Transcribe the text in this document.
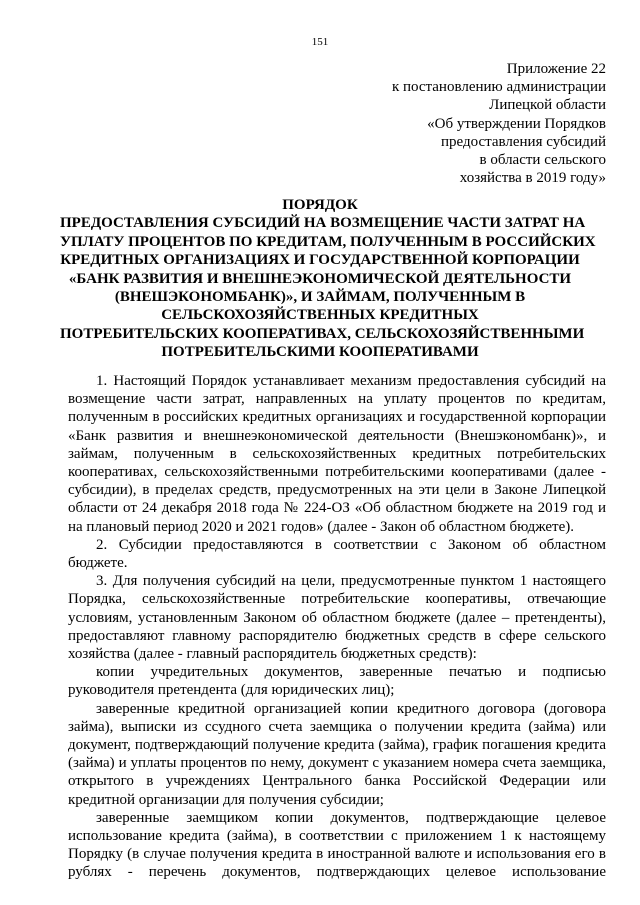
151
Приложение 22
к постановлению администрации
Липецкой области
«Об утверждении Порядков
предоставления субсидий
в области сельского
хозяйства в 2019 году»
ПОРЯДОК
ПРЕДОСТАВЛЕНИЯ СУБСИДИЙ НА ВОЗМЕЩЕНИЕ ЧАСТИ ЗАТРАТ НА
УПЛАТУ ПРОЦЕНТОВ ПО КРЕДИТАМ, ПОЛУЧЕННЫМ В РОССИЙСКИХ
КРЕДИТНЫХ ОРГАНИЗАЦИЯХ И ГОСУДАРСТВЕННОЙ КОРПОРАЦИИ
«БАНК РАЗВИТИЯ И ВНЕШНЕЭКОНОМИЧЕСКОЙ ДЕЯТЕЛЬНОСТИ
(ВНЕШЭКОНОМБАНК)», И ЗАЙМАМ, ПОЛУЧЕННЫМ В
СЕЛЬСКОХОЗЯЙСТВЕННЫХ КРЕДИТНЫХ
ПОТРЕБИТЕЛЬСКИХ КООПЕРАТИВАХ, СЕЛЬСКОХОЗЯЙСТВЕННЫМИ
ПОТРЕБИТЕЛЬСКИМИ КООПЕРАТИВАМИ

1. Настоящий Порядок устанавливает механизм предоставления субсидий на
возмещение части затрат, направленных на уплату процентов по кредитам,
полученным в российских кредитных организациях и государственной корпорации
«Банк развития и внешнеэкономической деятельности (Внешэкономбанк)», и
займам, полученным в сельскохозяйственных кредитных потребительских
кооперативах, сельскохозяйственными потребительскими кооперативами (далее -
субсидии), в пределах средств, предусмотренных на эти цели в Законе Липецкой
области от 24 декабря 2018 года № 224-ОЗ «Об областном бюджете на 2019 год и
на плановый период 2020 и 2021 годов» (далее - Закон об областном бюджете).

2. Субсидии предоставляются в соответствии с Законом об областном
бюджете.

3. Для получения субсидий на цели, предусмотренные пунктом 1 настоящего
Порядка, сельскохозяйственные потребительские кооперативы, отвечающие
условиям, установленным Законом об областном бюджете (далее – претенденты),
предоставляют главному распорядителю бюджетных средств в сфере сельского
хозяйства (далее - главный распорядитель бюджетных средств):

копии учредительных документов, заверенные печатью и подписью
руководителя претендента (для юридических лиц);

заверенные кредитной организацией копии кредитного договора (договора
займа), выписки из ссудного счета заемщика о получении кредита (займа) или
документ, подтверждающий получение кредита (займа), график погашения кредита
(займа) и уплаты процентов по нему, документ с указанием номера счета заемщика,
открытого в учреждениях Центрального банка Российской Федерации или
кредитной организации для получения субсидии;

заверенные заемщиком копии документов, подтверждающие целевое
использование кредита (займа), в соответствии с приложением 1 к настоящему
Порядку (в случае получения кредита в иностранной валюте и использования его в
рублях - перечень документов, подтверждающих целевое использование
